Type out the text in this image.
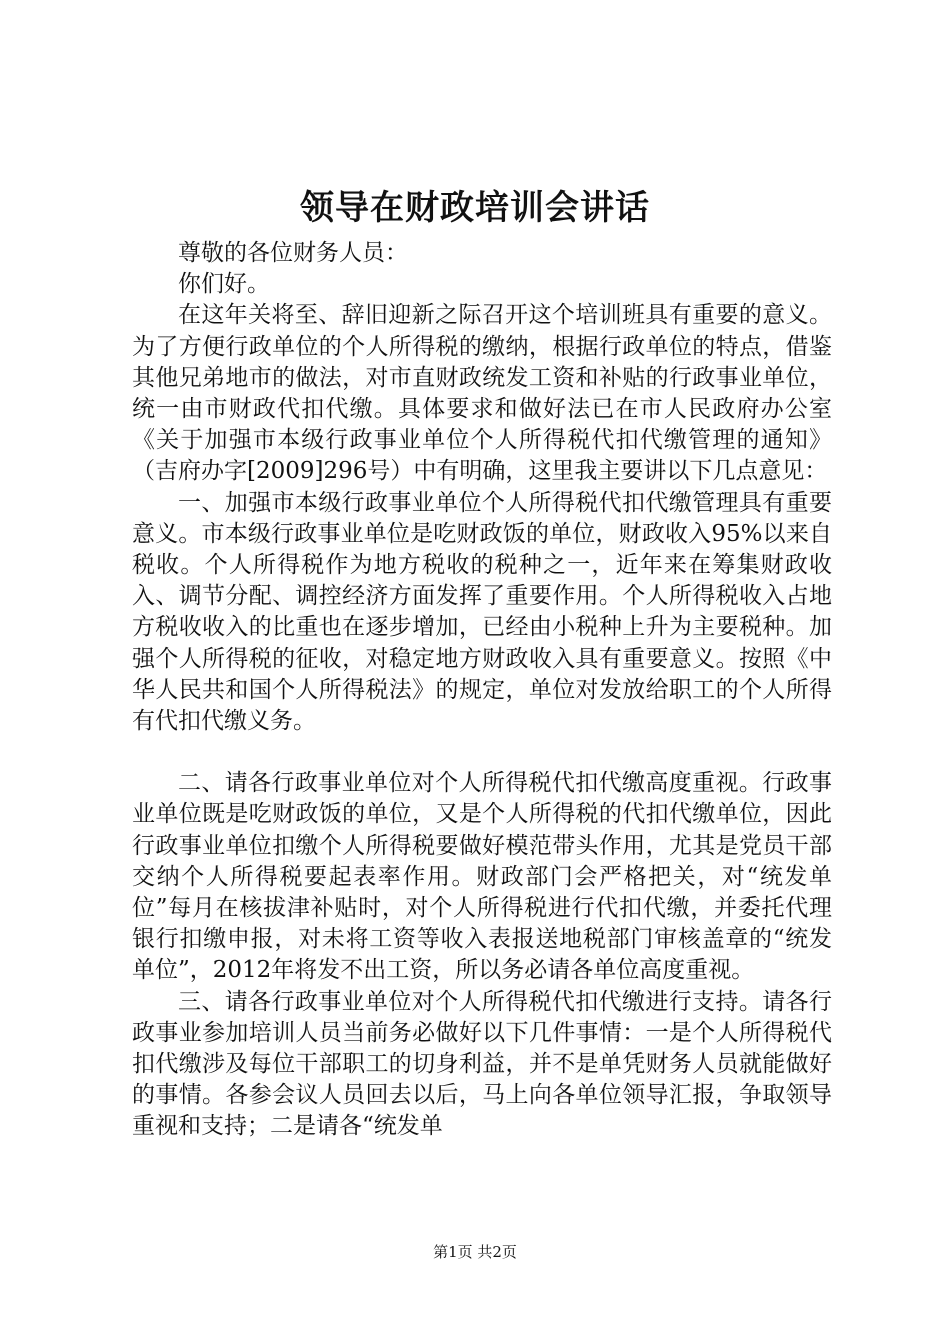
领导在财政培训会讲话

尊敬的各位财务人员：

你们好。

在这年关将至、辞旧迎新之际召开这个培训班具有重要的意义。为了方便行政单位的个人所得税的缴纳，根据行政单位的特点，借鉴其他兄弟地市的做法，对市直财政统发工资和补贴的行政事业单位，统一由市财政代扣代缴。具体要求和做好法已在市人民政府办公室《关于加强市本级行政事业单位个人所得税代扣代缴管理的通知》（吉府办字[2009]296号）中有明确，这里我主要讲以下几点意见：

一、加强市本级行政事业单位个人所得税代扣代缴管理具有重要意义。市本级行政事业单位是吃财政饭的单位，财政收入95%以来自税收。个人所得税作为地方税收的税种之一，近年来在筹集财政收入、调节分配、调控经济方面发挥了重要作用。个人所得税收入占地方税收收入的比重也在逐步增加，已经由小税种上升为主要税种。加强个人所得税的征收，对稳定地方财政收入具有重要意义。按照《中华人民共和国个人所得税法》的规定，单位对发放给职工的个人所得有代扣代缴义务。

二、请各行政事业单位对个人所得税代扣代缴高度重视。行政事业单位既是吃财政饭的单位，又是个人所得税的代扣代缴单位，因此行政事业单位扣缴个人所得税要做好模范带头作用，尤其是党员干部交纳个人所得税要起表率作用。财政部门会严格把关，对“统发单位”每月在核拔津补贴时，对个人所得税进行代扣代缴，并委托代理银行扣缴申报，对未将工资等收入表报送地税部门审核盖章的“统发单位”，2012年将发不出工资，所以务必请各单位高度重视。

三、请各行政事业单位对个人所得税代扣代缴进行支持。请各行政事业参加培训人员当前务必做好以下几件事情：一是个人所得税代扣代缴涉及每位干部职工的切身利益，并不是单凭财务人员就能做好的事情。各参会议人员回去以后，马上向各单位领导汇报，争取领导重视和支持；二是请各“统发单

第1页 共2页
